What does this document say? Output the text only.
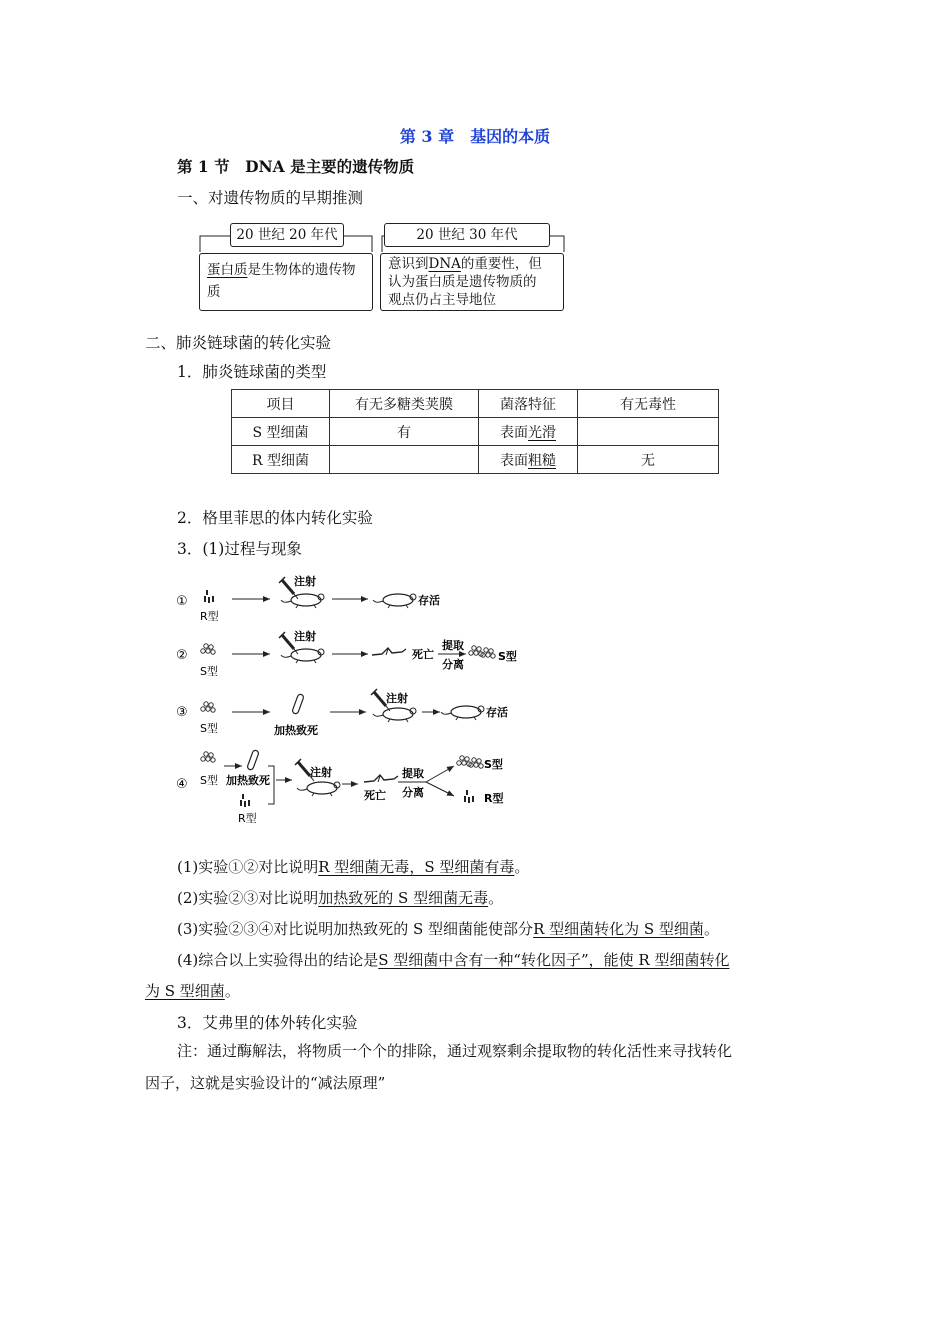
第 3 章　基因的本质
第 1 节　DNA 是主要的遗传物质
一、对遗传物质的早期推测
20 世纪 20 年代	20 世纪 30 年代
蛋白质是生物体的遗传物质
意识到DNA的重要性，但
认为蛋白质是遗传物质的
观点仍占主导地位
二、肺炎链球菌的转化实验
1．肺炎链球菌的类型
项目	有无多糖类荚膜	菌落特征	有无毒性
S 型细菌	有	表面光滑	
R 型细菌		表面粗糙	无
2．格里菲思的体内转化实验
3．(1)过程与现象
①
R型
注射
存活
②
S型
注射
死亡
提取
分离
S型
③
S型	加热致死
注射
存活
④ S型 加热致死
R型
注射
死亡
提取
分离
S型
R型
(1)实验①②对比说明R 型细菌无毒，S 型细菌有毒。
(2)实验②③对比说明加热致死的 S 型细菌无毒。
(3)实验②③④对比说明加热致死的 S 型细菌能使部分R 型细菌转化为 S 型细菌。
(4)综合以上实验得出的结论是S 型细菌中含有一种“转化因子”，能使 R 型细菌转化
为 S 型细菌。
3．艾弗里的体外转化实验
注：通过酶解法，将物质一个个的排除，通过观察剩余提取物的转化活性来寻找转化
因子，这就是实验设计的“减法原理”
